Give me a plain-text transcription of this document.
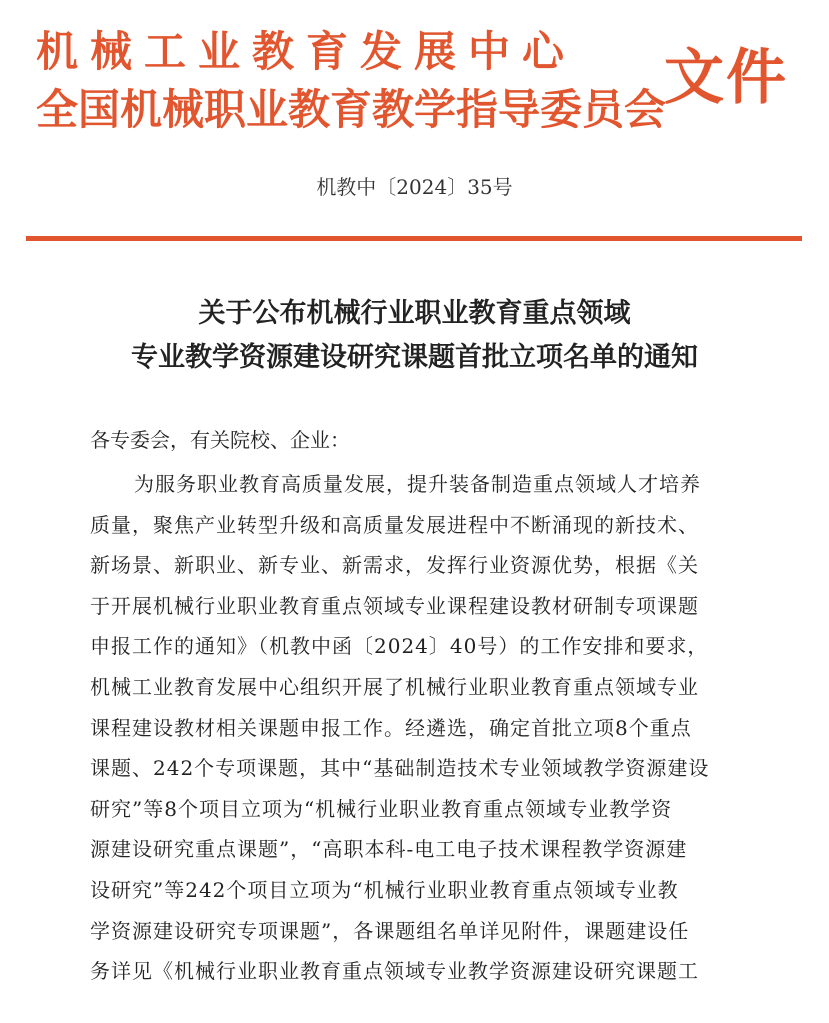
机械工业教育发展中心
全国机械职业教育教学指导委员会
文件
机教中〔2024〕35号
关于公布机械行业职业教育重点领域
专业教学资源建设研究课题首批立项名单的通知
各专委会，有关院校、企业：
为服务职业教育高质量发展，提升装备制造重点领域人才培养
质量，聚焦产业转型升级和高质量发展进程中不断涌现的新技术、
新场景、新职业、新专业、新需求，发挥行业资源优势，根据《关
于开展机械行业职业教育重点领域专业课程建设教材研制专项课题
申报工作的通知》（机教中函〔2024〕40号）的工作安排和要求，
机械工业教育发展中心组织开展了机械行业职业教育重点领域专业
课程建设教材相关课题申报工作。经遴选，确定首批立项8个重点
课题、242个专项课题，其中“基础制造技术专业领域教学资源建设
研究”等8个项目立项为“机械行业职业教育重点领域专业教学资
源建设研究重点课题”，“高职本科-电工电子技术课程教学资源建
设研究”等242个项目立项为“机械行业职业教育重点领域专业教
学资源建设研究专项课题”，各课题组名单详见附件，课题建设任
务详见《机械行业职业教育重点领域专业教学资源建设研究课题工
